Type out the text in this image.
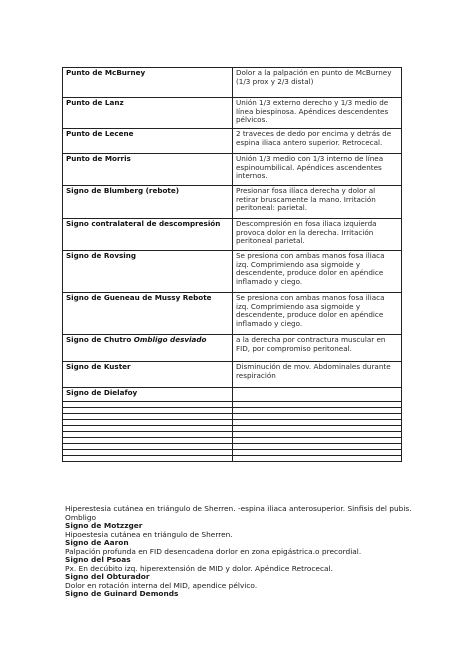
Punto de McBurney	Dolor a la palpación en punto de McBurney (1/3 prox y 2/3 distal)
Punto de Lanz	Unión 1/3 externo derecho y 1/3 medio de línea biespinosa. Apéndices descendentes pélvicos.
Punto de Lecene	2 traveces de dedo por encima y detrás de espina iliaca antero superior. Retrocecal.
Punto de Morris	Unión 1/3 medio con 1/3 interno de línea espinoumbilical. Apéndices ascendentes internos.
Signo de Blumberg (rebote)	Presionar fosa ilíaca derecha y dolor al retirar bruscamente la mano. Irritación peritoneal: parietal.
Signo contralateral de descompresión	Descompresión en fosa iliaca izquierda provoca dolor en la derecha. Irritación peritoneal parietal.
Signo de Rovsing	Se presiona con ambas manos fosa iliaca izq. Comprimiendo asa sigmoide y descendente, produce dolor en apéndice inflamado y ciego.
Signo de Gueneau de Mussy Rebote	Se presiona con ambas manos fosa iliaca izq. Comprimiendo asa sigmoide y descendente, produce dolor en apéndice inflamado y ciego.
Signo de Chutro Ombligo desviado	a la derecha por contractura muscular en FID, por compromiso peritoneal.
Signo de Kuster	Disminución de mov. Abdominales durante respiración
Signo de Dielafoy	

Hiperestesia cutánea en triángulo de Sherren. -espina iliaca anterosuperior. Sinfisis del pubis. Ombligo
Signo de Motzzger
Hipoestesia cutánea en triángulo de Sherren.
Signo de Aaron
Palpación profunda en FID desencadena dorlor en zona epigástrica.o precordial.
Signo del Psoas
Px. En decúbito izq. hiperextensión de MID y dolor. Apéndice Retrocecal.
Signo del Obturador
Dolor en rotación interna del MID, apendice pélvico.
Signo de Guinard Demonds
